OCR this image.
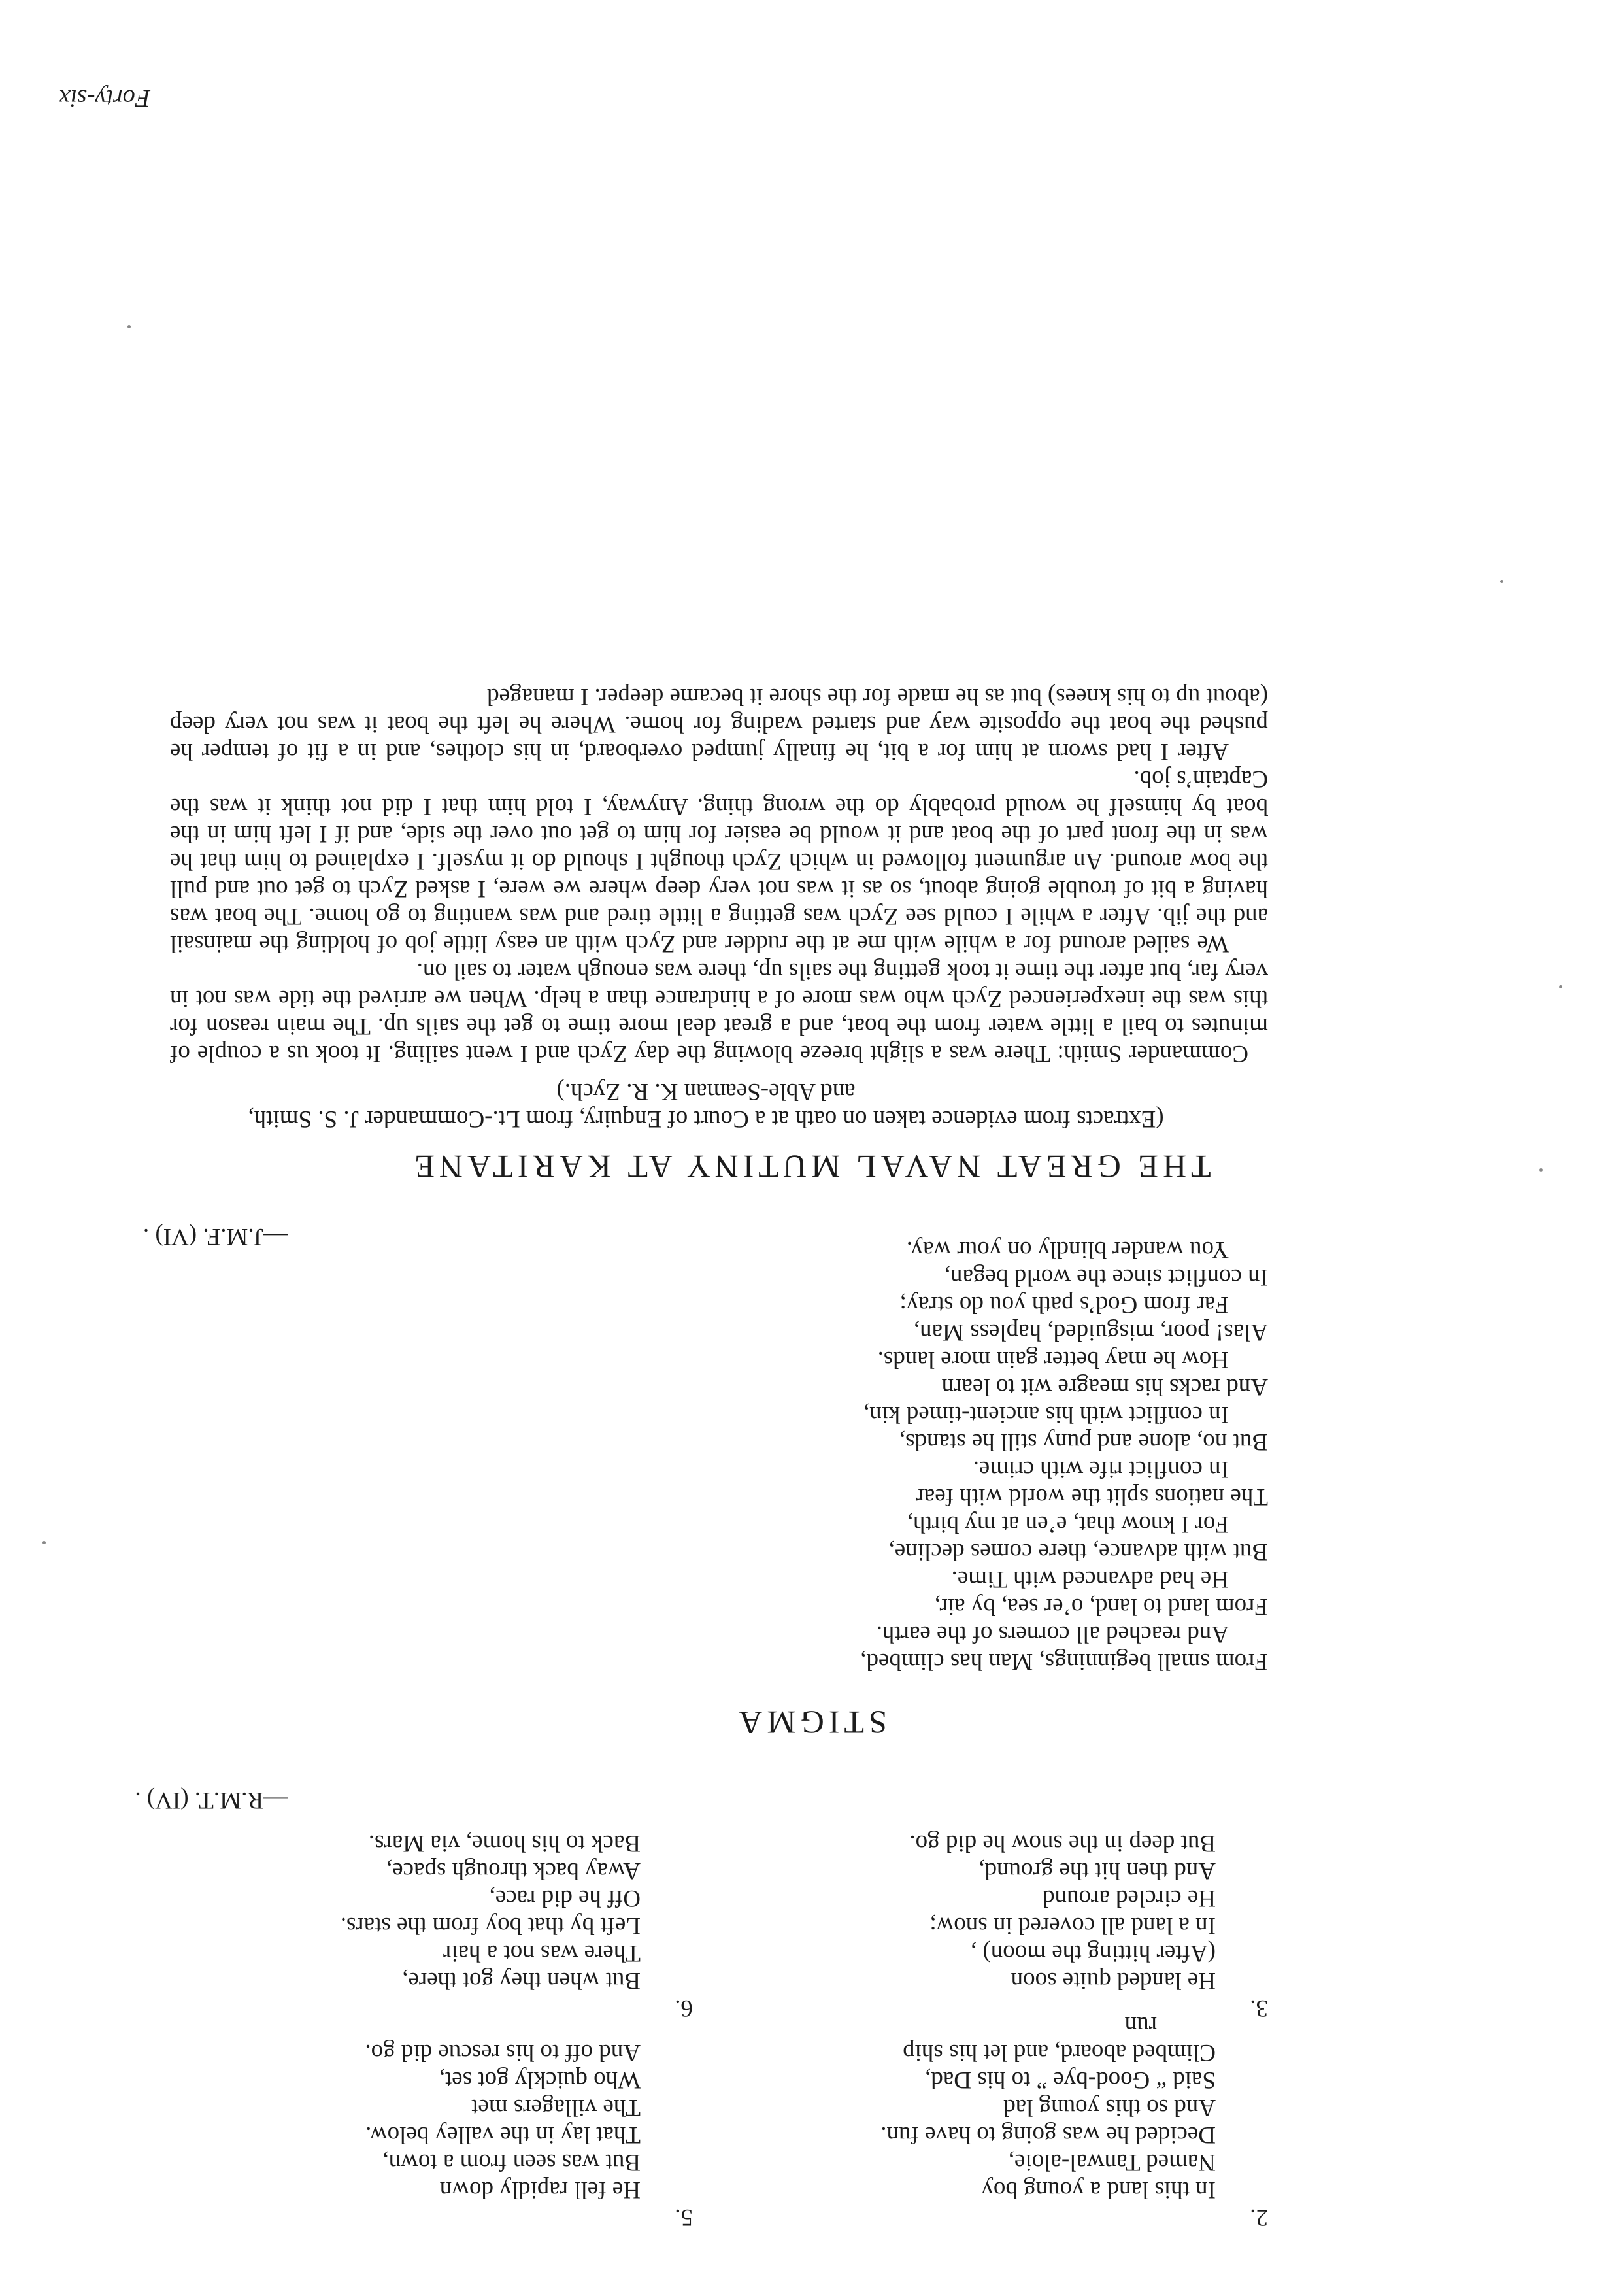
2.
In this land a young boy
Named Tanwal-aloie,
Decided he was going to have fun.
And so this young lad
Said “ Good-bye ” to his Dad,
Climbed aboard, and let his ship
run
3.
He landed quite soon
(After hitting the moon) ,
In a land all covered in snow;
He circled around
And then hit the ground,
But deep in the snow he did go.
5.
He fell rapidly down
But was seen from a town,
That lay in the valley below.
The villagers met
Who quickly got set,
And off to his rescue did go.
6.
But when they got there,
There was not a hair
Left by that boy from the stars.
Off he did race,
Away back through space,
Back to his home, via Mars.
—R.M.T. (IV) .
STIGMA
From small beginnings, Man has climbed,
And reached all corners of the earth.
From land to land, o’er sea, by air,
He had advanced with Time.
But with advance, there comes decline,
For I know that, e’en at my birth,
The nations split the world with fear
In conflict rife with crime.
But no, alone and puny still he stands,
In conflict with his ancient-timed kin,
And racks his meagre wit to learn
How he may better gain more lands.
Alas! poor, misguided, hapless Man,
Far from God’s path you do stray;
In conflict since the world began,
You wander blindly on your way.
—J.M.F. (VI) .
THE GREAT NAVAL MUTINY AT KARITANE
(Extracts from evidence taken on oath at a Court of Enquiry, from Lt.-Commander J. S. Smith, and Able-Seaman K. R. Zych.)

Commander Smith: There was a slight breeze blowing the day Zych and I went sailing. It took us a couple of minutes to bail a little water from the boat, and a great deal more time to get the sails up. The main reason for this was the inexperienced Zych who was more of a hindrance than a help. When we arrived the tide was not in very far, but after the time it took getting the sails up, there was enough water to sail on.

We sailed around for a while with me at the rudder and Zych with an easy little job of holding the mainsail and the jib. After a while I could see Zych was getting a little tired and was wanting to go home. The boat was having a bit of trouble going about, so as it was not very deep where we were, I asked Zych to get out and pull the bow around. An argument followed in which Zych thought I should do it myself. I explained to him that he was in the front part of the boat and it would be easier for him to get out over the side, and if I left him in the boat by himself he would probably do the wrong thing. Anyway, I told him that I did not think it was the Captain’s job.

After I had sworn at him for a bit, he finally jumped overboard, in his clothes, and in a fit of temper he pushed the boat the opposite way and started wading for home. Where he left the boat it was not very deep (about up to his knees) but as he made for the shore it became deeper. I managed

Forty-six
